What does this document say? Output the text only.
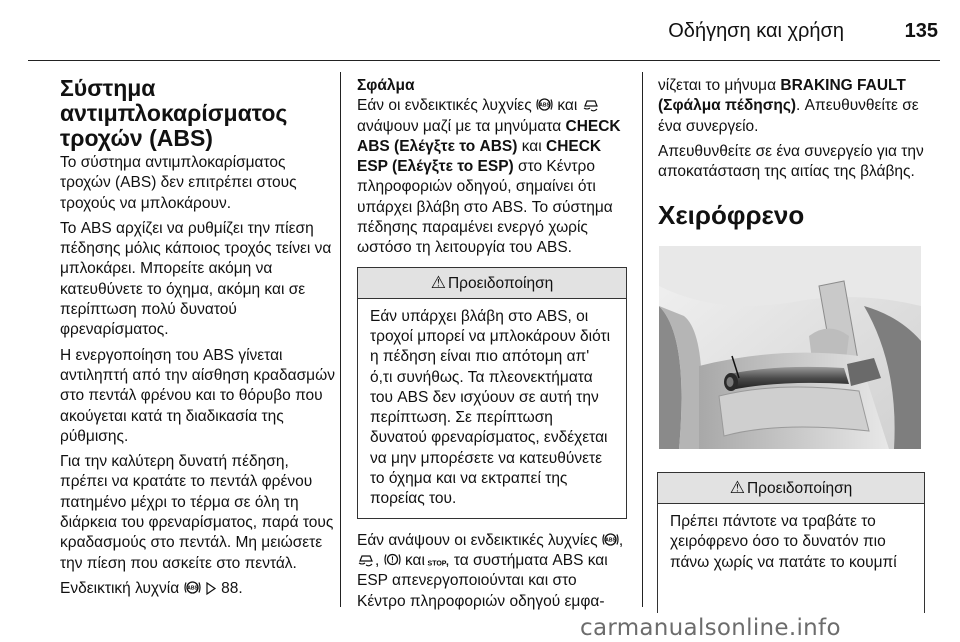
Οδήγηση και χρήση	135
Σύστημα
αντιμπλοκαρίσματος
τροχών (ABS)

Το σύστημα αντιμπλοκαρίσματος τροχών (ABS) δεν επιτρέπει στους τροχούς να μπλοκάρουν.

Το ABS αρχίζει να ρυθμίζει την πίεση πέδησης μόλις κάποιος τροχός τείνει να μπλοκάρει. Μπορείτε ακόμη να κατευθύνετε το όχημα, ακόμη και σε περίπτωση πολύ δυνατού φρεναρίσματος.

Η ενεργοποίηση του ABS γίνεται αντιληπτή από την αίσθηση κραδασμών στο πεντάλ φρένου και το θόρυβο που ακούγεται κατά τη διαδικασία της ρύθμισης.

Για την καλύτερη δυνατή πέδηση, πρέπει να κρατάτε το πεντάλ φρένου πατημένο μέχρι το τέρμα σε όλη τη διάρκεια του φρεναρίσματος, παρά τους κραδασμούς στο πεντάλ. Μη μειώσετε την πίεση που ασκείτε στο πεντάλ.

Ενδεικτική λυχνία ABS 88.

Σφάλμα

Εάν οι ενδεικτικές λυχνίες ABS και  ανάψουν μαζί με τα μηνύματα CHECK ABS (Ελέγξτε το ABS) και CHECK ESP (Ελέγξτε το ESP) στο Κέντρο πληροφοριών οδηγού, σημαίνει ότι υπάρχει βλάβη στο ABS. Το σύστημα πέδησης παραμένει ενεργό χωρίς ωστόσο τη λειτουργία του ABS.

⚠ Προειδοποίηση
Εάν υπάρχει βλάβη στο ABS, οι τροχοί μπορεί να μπλοκάρουν διότι η πέδηση είναι πιο απότομη απ' ό,τι συνήθως. Τα πλεονεκτήματα του ABS δεν ισχύουν σε αυτή την περίπτωση. Σε περίπτωση δυνατού φρεναρίσματος, ενδέχεται να μην μπορέσετε να κατευθύνετε το όχημα και να εκτραπεί της πορείας του.

Εάν ανάψουν οι ενδεικτικές λυχνίες ABS , , ! και STOP
, τα συστήματα ABS και ESP απενεργοποιούνται και στο Κέντρο πληροφοριών οδηγού εμφα-

νίζεται το μήνυμα BRAKING FAULT (Σφάλμα πέδησης). Απευθυνθείτε σε ένα συνεργείο.

Απευθυνθείτε σε ένα συνεργείο για την αποκατάσταση της αιτίας της βλάβης.

Χειρόφρενο
⚠ Προειδοποίηση
Πρέπει πάντοτε να τραβάτε το χειρόφρενο όσο το δυνατόν πιο πάνω χωρίς να πατάτε το κουμπί
carmanualsonline.info
